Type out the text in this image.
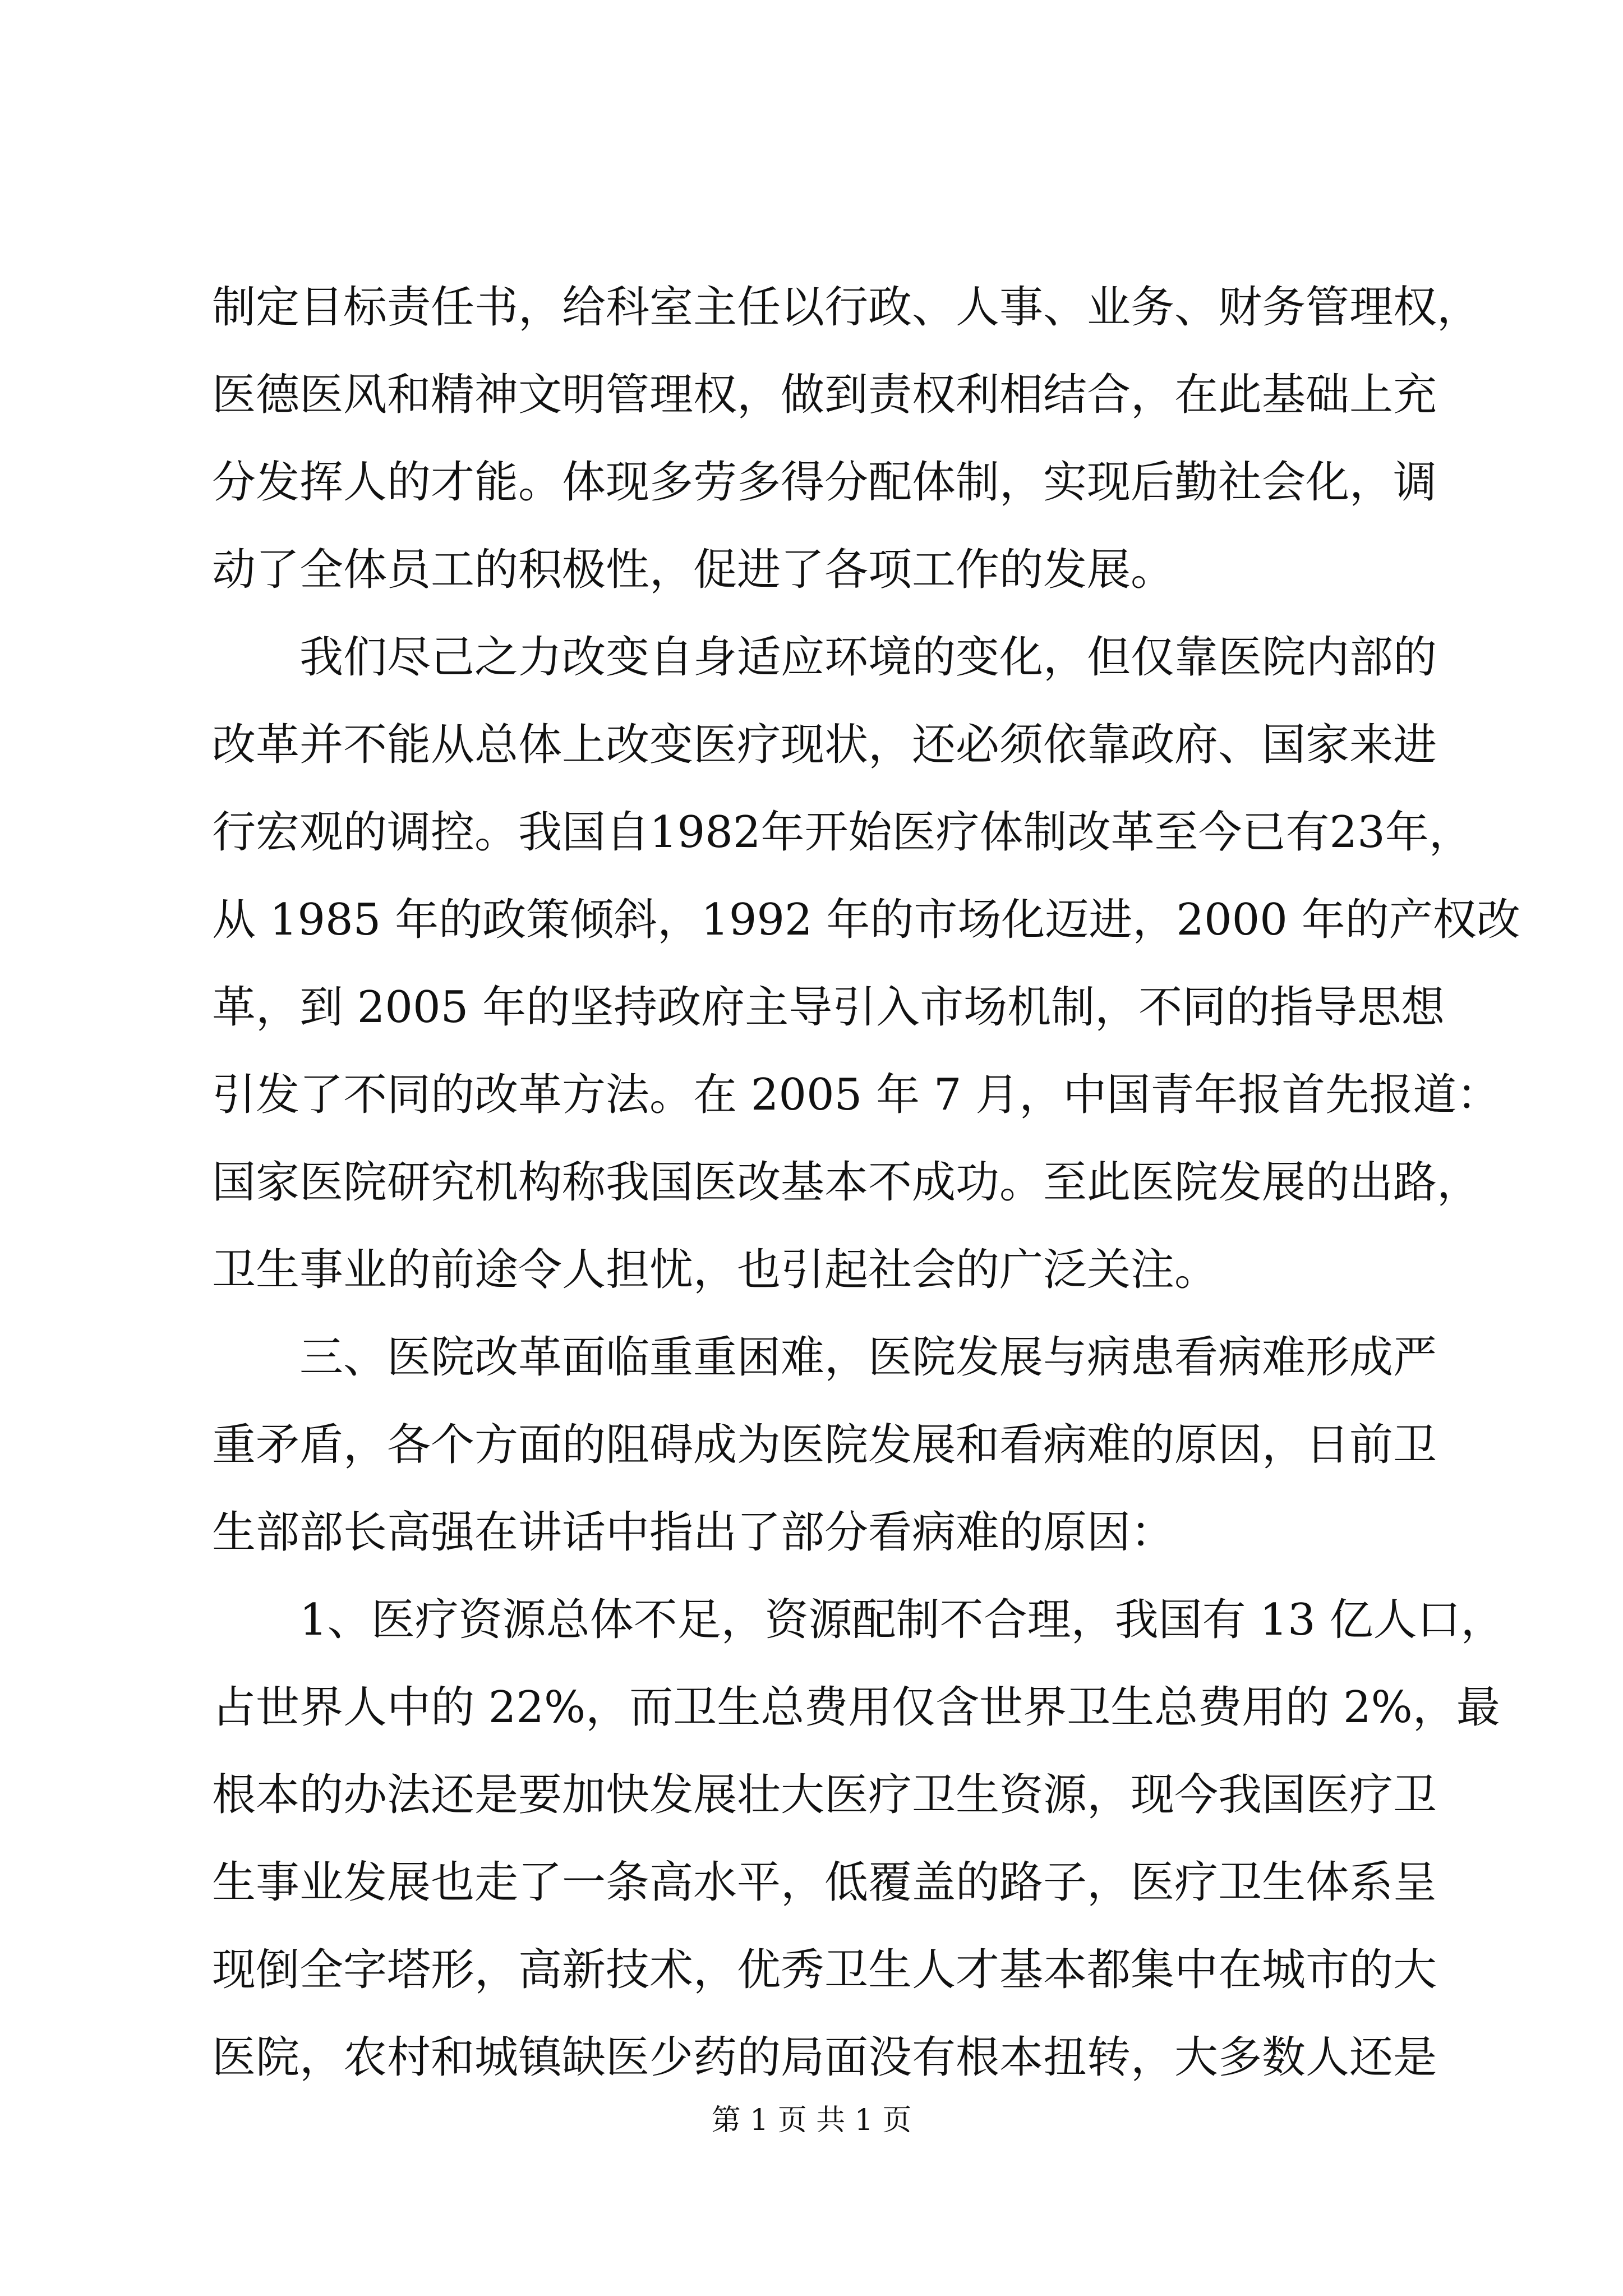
制定目标责任书，给科室主任以行政、人事、业务、财务管理权，
医德医风和精神文明管理权，做到责权利相结合，在此基础上充
分发挥人的才能。体现多劳多得分配体制，实现后勤社会化，调
动了全体员工的积极性，促进了各项工作的发展。
我们尽己之力改变自身适应环境的变化，但仅靠医院内部的
改革并不能从总体上改变医疗现状，还必须依靠政府、国家来进
行宏观的调控。我国自1982年开始医疗体制改革至今已有23年，
从 1985 年的政策倾斜，1992 年的市场化迈进，2000 年的产权改
革，到 2005 年的坚持政府主导引入市场机制，不同的指导思想
引发了不同的改革方法。在 2005 年 7 月，中国青年报首先报道：
国家医院研究机构称我国医改基本不成功。至此医院发展的出路，
卫生事业的前途令人担忧，也引起社会的广泛关注。
三、医院改革面临重重困难，医院发展与病患看病难形成严
重矛盾，各个方面的阻碍成为医院发展和看病难的原因，日前卫
生部部长高强在讲话中指出了部分看病难的原因：
1、医疗资源总体不足，资源配制不合理，我国有 13 亿人口，
占世界人中的 22%，而卫生总费用仅含世界卫生总费用的 2%，最
根本的办法还是要加快发展壮大医疗卫生资源，现今我国医疗卫
生事业发展也走了一条高水平，低覆盖的路子，医疗卫生体系呈
现倒全字塔形，高新技术，优秀卫生人才基本都集中在城市的大
医院，农村和城镇缺医少药的局面没有根本扭转，大多数人还是
第 1 页 共 1 页
